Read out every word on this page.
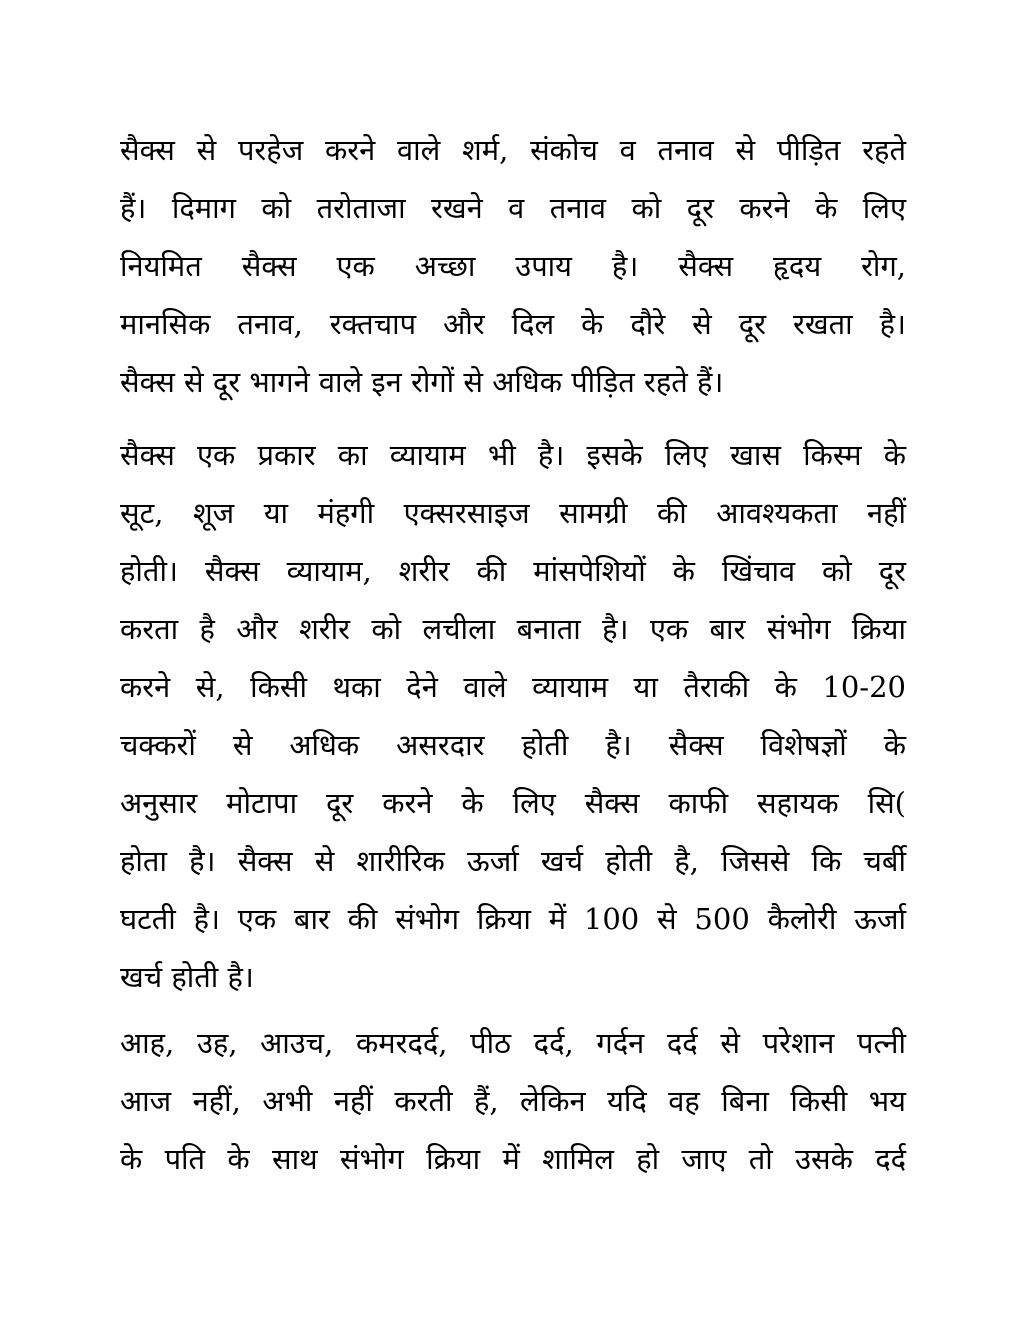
सैक्स से परहेज करने वाले शर्म, संकोच व तनाव से पीड़ित रहते
हैं। दिमाग को तरोताजा रखने व तनाव को दूर करने के लिए
नियमित सैक्स एक अच्छा उपाय है। सैक्स हृदय रोग,
मानसिक तनाव, रक्तचाप और दिल के दौरे से दूर रखता है।
सैक्स से दूर भागने वाले इन रोगों से अधिक पीड़ित रहते हैं।

सैक्स एक प्रकार का व्यायाम भी है। इसके लिए खास किस्म के
सूट, शूज या मंहगी एक्सरसाइज सामग्री की आवश्यकता नहीं
होती। सैक्स व्यायाम, शरीर की मांसपेशियों के खिंचाव को दूर
करता है और शरीर को लचीला बनाता है। एक बार संभोग क्रिया
करने से, किसी थका देने वाले व्यायाम या तैराकी के 10-20
चक्करों से अधिक असरदार होती है। सैक्स विशेषज्ञों के
अनुसार मोटापा दूर करने के लिए सैक्स काफी सहायक सि(
होता है। सैक्स से शारीरिक ऊर्जा खर्च होती है, जिससे कि चर्बी
घटती है। एक बार की संभोग क्रिया में 100 से 500 कैलोरी ऊर्जा
खर्च होती है।

आह, उह, आउच, कमरदर्द, पीठ दर्द, गर्दन दर्द से परेशान पत्नी
आज नहीं, अभी नहीं करती हैं, लेकिन यदि वह बिना किसी भय
के पति के साथ संभोग क्रिया में शामिल हो जाए तो उसके दर्द
